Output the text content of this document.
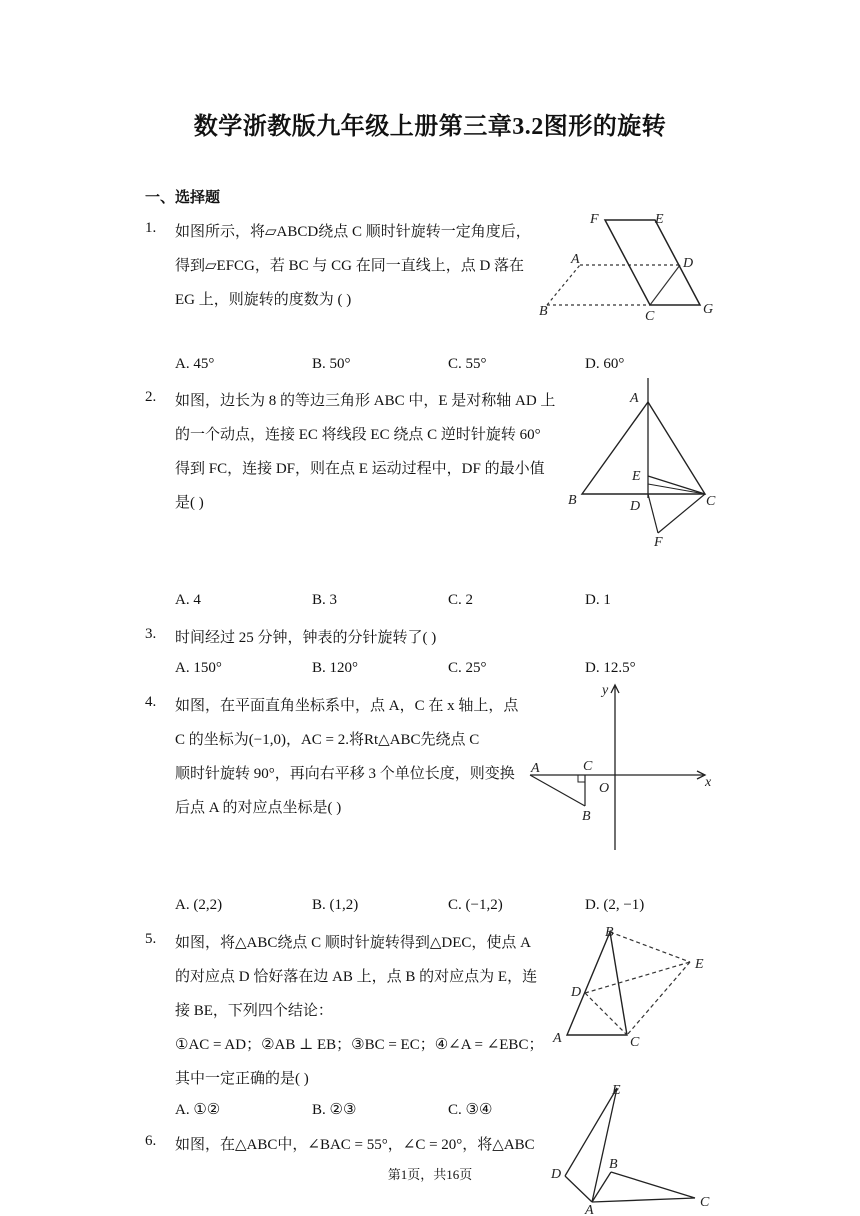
数学浙教版九年级上册第三章3.2图形的旋转
一、选择题
1. 如图所示，将▱ABCD绕点 C 顺时针旋转一定角度后，
得到▱EFCG，若 BC 与 CG 在同一直线上，点 D 落在
EG 上，则旋转的度数为 ( )
F	E
A	D
B	C	G
A. 45°	B. 50°	C. 55°	D. 60°
2. 如图，边长为 8 的等边三角形 ABC 中，E 是对称轴 AD 上
的一个动点，连接 EC 将线段 EC 绕点 C 逆时针旋转 60°
得到 FC，连接 DF，则在点 E 运动过程中，DF 的最小值
是( )
A
E
B	D	C
F
A. 4	B. 3	C. 2	D. 1
3. 时间经过 25 分钟，钟表的分针旋转了( )
A. 150°	B. 120°	C. 25°	D. 12.5°
4. 如图，在平面直角坐标系中，点 A，C 在 x 轴上，点
C 的坐标为(−1,0)，AC = 2.将Rt△ABC先绕点 C
顺时针旋转 90°，再向右平移 3 个单位长度，则变换
后点 A 的对应点坐标是( )
y
A	C
O	x
B
A. (2,2)	B. (1,2)	C. (−1,2)	D. (2, −1)
5. 如图，将△ABC绕点 C 顺时针旋转得到△DEC，使点 A
的对应点 D 恰好落在边 AB 上，点 B 的对应点为 E，连
接 BE，下列四个结论：
①AC = AD；②AB ⊥ EB；③BC = EC；④∠A = ∠EBC；
其中一定正确的是( )
B
E
D
A	C
A. ①②	B. ②③	C. ③④
6. 如图，在△ABC中，∠BAC = 55°，∠C = 20°，将△ABC
E
B
D
A
C
第1页，共16页
